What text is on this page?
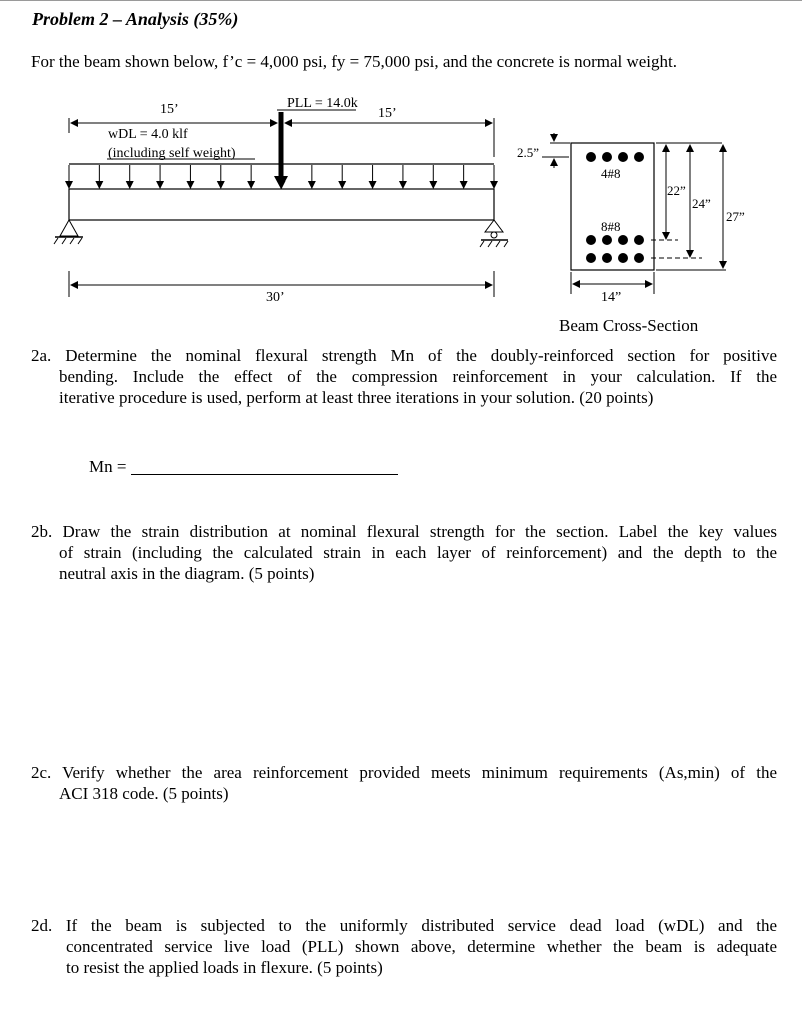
Problem 2 – Analysis (35%)
For the beam shown below, f’c = 4,000 psi, fy = 75,000 psi, and the concrete is normal weight.
15’	15’
PLL = 14.0k
wDL = 4.0 klf
(including self weight)
30’
4#8
8#8
2.5”
22”
24”
27”
14”
Beam Cross-Section
2a. Determine the nominal flexural strength Mn of the doubly-reinforced section for positive
bending. Include the effect of the compression reinforcement in your calculation. If the
iterative procedure is used, perform at least three iterations in your solution. (20 points)
Mn =
2b. Draw the strain distribution at nominal flexural strength for the section. Label the key values
of strain (including the calculated strain in each layer of reinforcement) and the depth to the
neutral axis in the diagram. (5 points)
2c. Verify whether the area reinforcement provided meets minimum requirements (As,min) of the
ACI 318 code. (5 points)
2d. If the beam is subjected to the uniformly distributed service dead load (wDL) and the
concentrated service live load (PLL) shown above, determine whether the beam is adequate
to resist the applied loads in flexure. (5 points)
